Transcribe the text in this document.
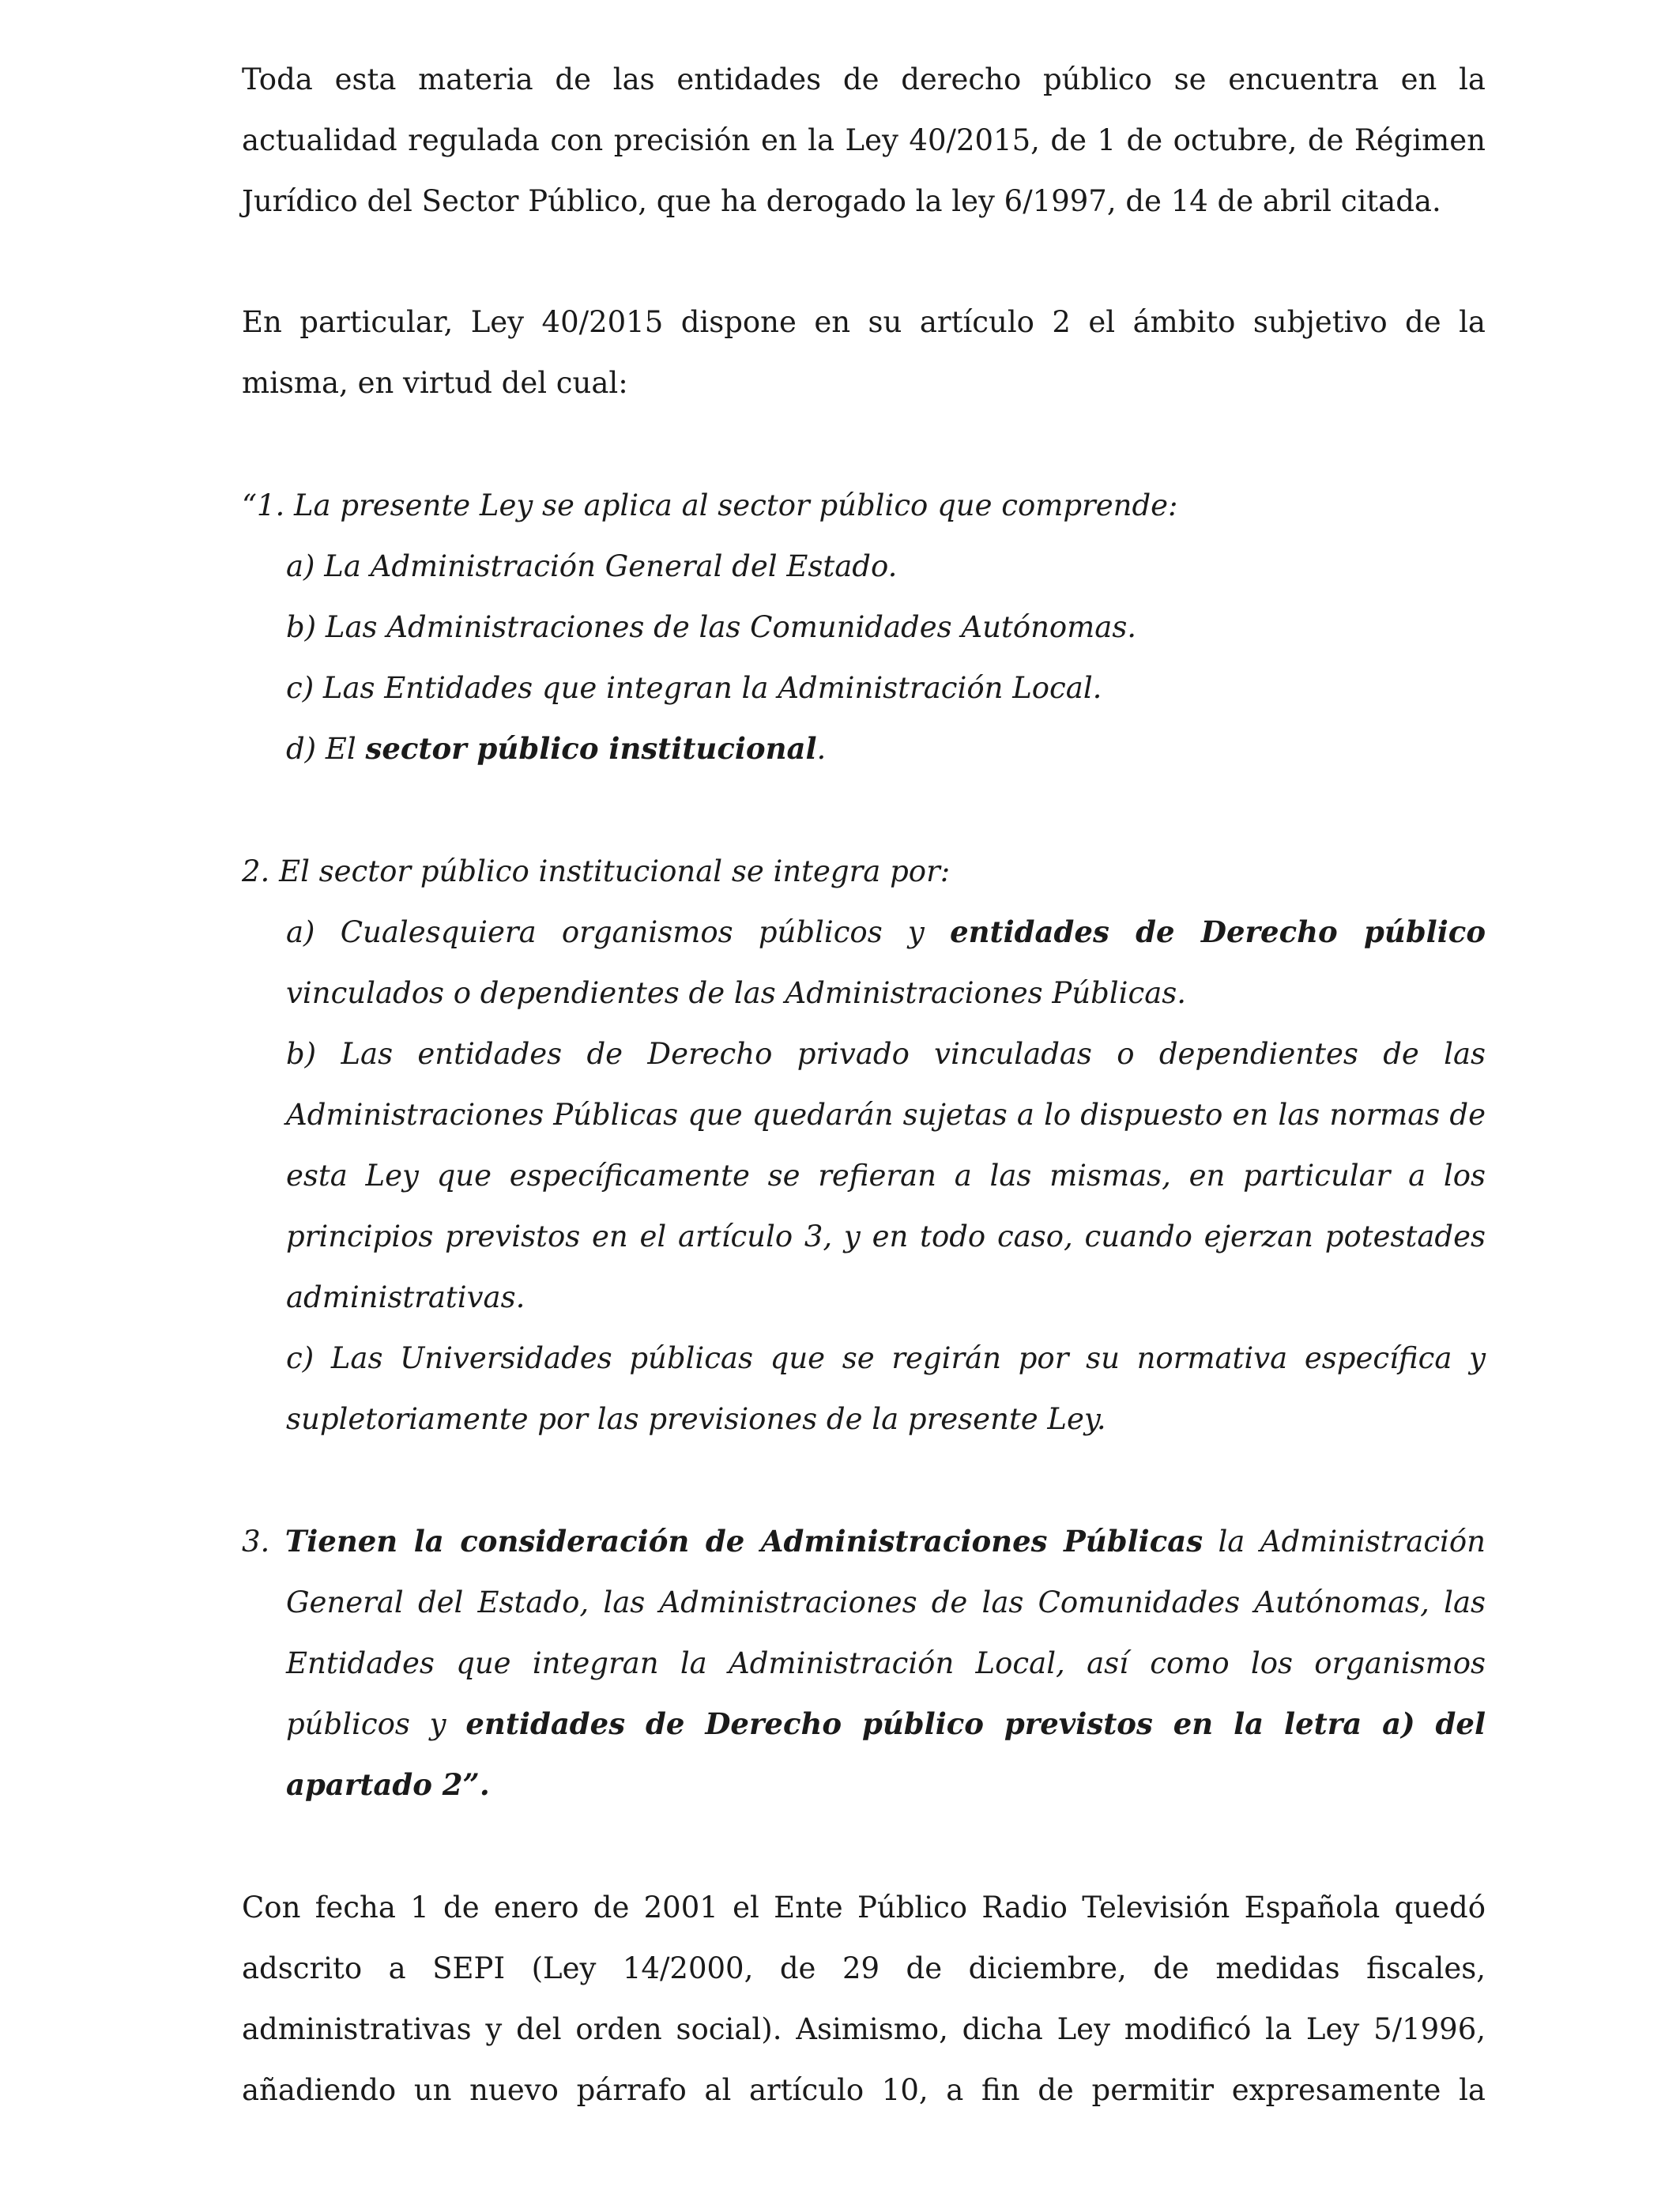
Toda esta materia de las entidades de derecho público se encuentra en la actualidad regulada con precisión en la Ley 40/2015, de 1 de octubre, de Régimen Jurídico del Sector Público, que ha derogado la ley 6/1997, de 14 de abril citada.

En particular, Ley 40/2015 dispone en su artículo 2 el ámbito subjetivo de la misma, en virtud del cual:

“1. La presente Ley se aplica al sector público que comprende:

a) La Administración General del Estado.

b) Las Administraciones de las Comunidades Autónomas.

c) Las Entidades que integran la Administración Local.

d) El sector público institucional.

2. El sector público institucional se integra por:

a) Cualesquiera organismos públicos y entidades de Derecho público vinculados o dependientes de las Administraciones Públicas.

b) Las entidades de Derecho privado vinculadas o dependientes de las Administraciones Públicas que quedarán sujetas a lo dispuesto en las normas de esta Ley que específicamente se refieran a las mismas, en particular a los principios previstos en el artículo 3, y en todo caso, cuando ejerzan potestades administrativas.

c) Las Universidades públicas que se regirán por su normativa específica y supletoriamente por las previsiones de la presente Ley.

3. Tienen la consideración de Administraciones Públicas la Administración General del Estado, las Administraciones de las Comunidades Autónomas, las Entidades que integran la Administración Local, así como los organismos públicos y entidades de Derecho público previstos en la letra a) del apartado 2”.

Con fecha 1 de enero de 2001 el Ente Público Radio Televisión Española quedó adscrito a SEPI (Ley 14/2000, de 29 de diciembre, de medidas fiscales, administrativas y del orden social). Asimismo, dicha Ley modificó la Ley 5/1996, añadiendo un nuevo párrafo al artículo 10, a fin de permitir expresamente la
